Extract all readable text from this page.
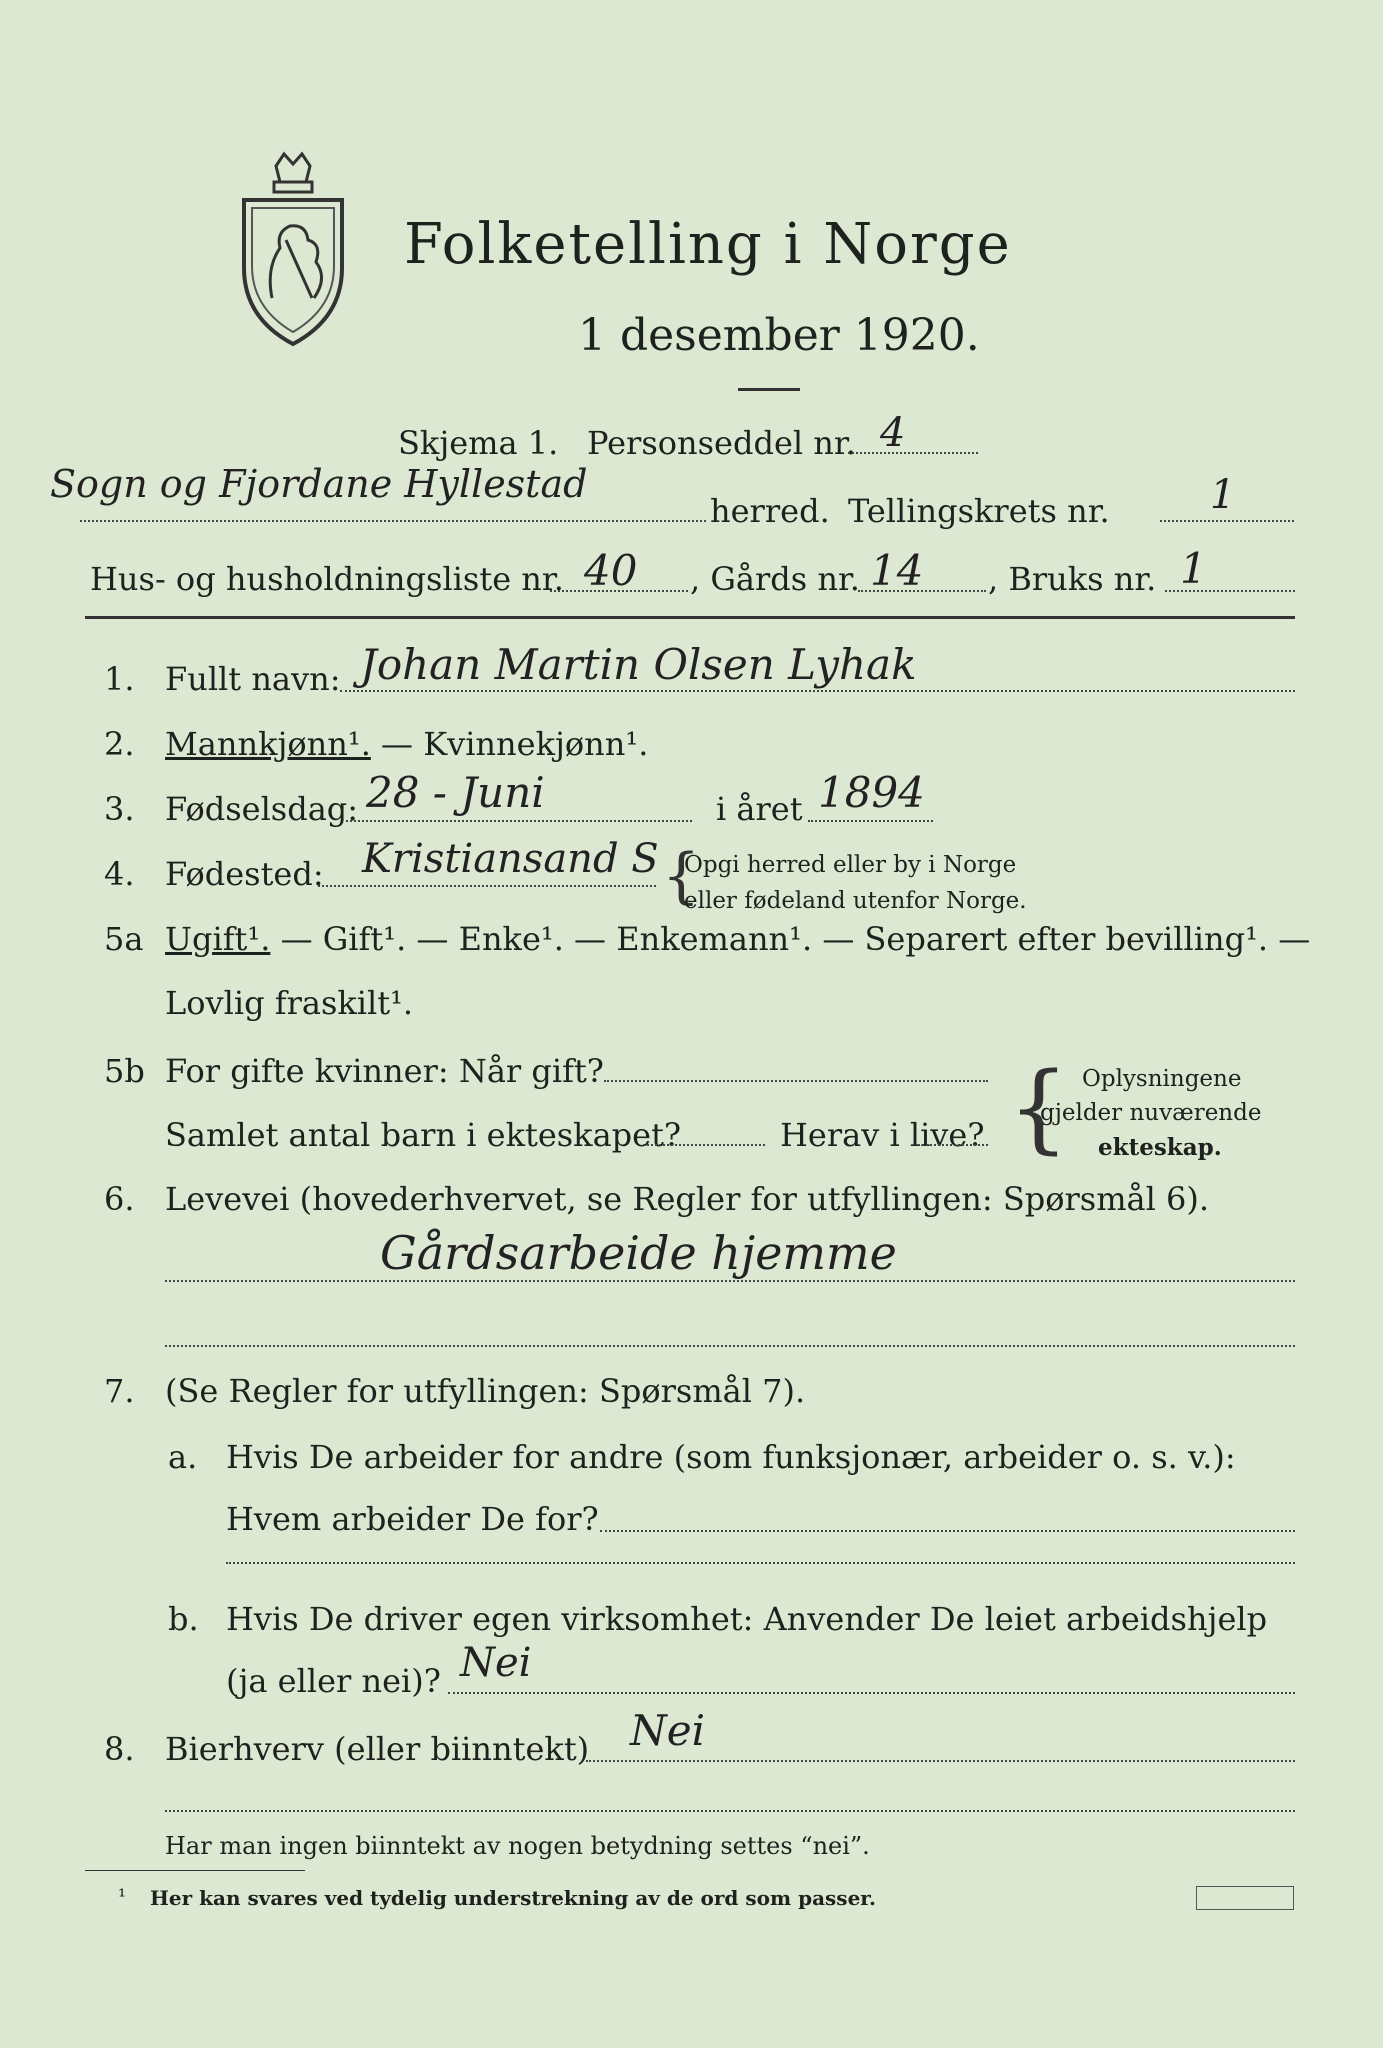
Folketelling i Norge
1 desember 1920.
Skjema 1. Personseddel nr. 4
Sogn og Fjordane Hyllestad
herred. Tellingskrets nr.	1
Hus- og husholdningsliste nr. 40 , Gårds nr. 14 , Bruks nr. 1
1. Fullt navn: Johan Martin Olsen Lyhak
2. Mannkjønn¹. — Kvinnekjønn¹.
3. Fødselsdag: 28 - Juni	i året 1894
4. Fødested: Kristiansand S {
Opgi herred eller by i Norge
eller fødeland utenfor Norge.
5a Ugift¹. — Gift¹. — Enke¹. — Enkemann¹. — Separert efter bevilling¹. —
Lovlig fraskilt¹.
5b For gifte kvinner: Når gift?
Samlet antal barn i ekteskapet?	Herav i live? { Oplysningene
gjelder nuværende
ekteskap.
6. Levevei (hovederhvervet, se Regler for utfyllingen: Spørsmål 6).
Gårdsarbeide hjemme
7. (Se Regler for utfyllingen: Spørsmål 7).
a. Hvis De arbeider for andre (som funksjonær, arbeider o. s. v.):
Hvem arbeider De for?
b. Hvis De driver egen virksomhet: Anvender De leiet arbeidshjelp
(ja eller nei)? Nei
8. Bierhverv (eller biinntekt) Nei
Har man ingen biinntekt av nogen betydning settes “nei”.
¹ Her kan svares ved tydelig understrekning av de ord som passer.
